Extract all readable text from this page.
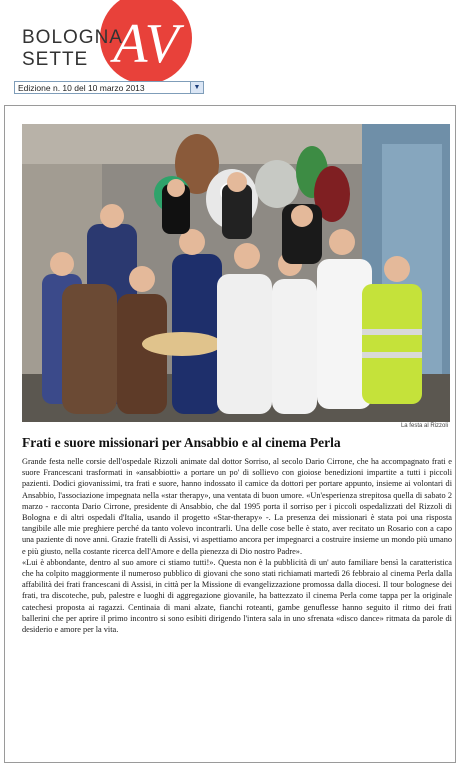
AV
BOLOGNA
SETTE
Edizione n. 10 del 10 marzo 2013	▼
La festa al Rizzoli
Frati e suore missionari per Ansabbio e al cinema Perla

Grande festa nelle corsie dell'ospedale Rizzoli animate dal dottor Sorriso, al secolo Dario Cirrone, che ha accompagnato frati e suore Francescani trasformati in «ansabbiotti» a portare un po' di sollievo con gioiose benedizioni impartite a tutti i piccoli pazienti. Dodici giovanissimi, tra frati e suore, hanno indossato il camice da dottori per portare appunto, insieme ai volontari di Ansabbio, l'associazione impegnata nella «star therapy», una ventata di buon umore. «Un'esperienza strepitosa quella di sabato 2 marzo - racconta Dario Cirrone, presidente di Ansabbio, che dal 1995 porta il sorriso per i piccoli ospedalizzati del Rizzoli di Bologna e di altri ospedali d'Italia, usando il progetto «Star-therapy» -. La presenza dei missionari è stata poi una risposta tangibile alle mie preghiere perché da tanto volevo incontrarli. Una delle cose belle è stato, aver recitato un Rosario con a capo una paziente di nove anni. Grazie fratelli di Assisi, vi aspettiamo ancora per impegnarci a costruire insieme un mondo più umano e più giusto, nella costante ricerca dell'Amore e della pienezza di Dio nostro Padre».

«Lui è abbondante, dentro al suo amore ci stiamo tutti!». Questa non è la pubblicità di un' auto familiare bensì la caratteristica che ha colpito maggiormente il numeroso pubblico di giovani che sono stati richiamati martedì 26 febbraio al cinema Perla dalla affabilità dei frati francescani di Assisi, in città per la Missione di evangelizzazione promossa dalla diocesi. Il tour bolognese dei frati, tra discoteche, pub, palestre e luoghi di aggregazione giovanile, ha battezzato il cinema Perla come tappa per la originale catechesi proposta ai ragazzi. Centinaia di mani alzate, fianchi roteanti, gambe genuflesse hanno seguito il ritmo dei frati ballerini che per aprire il primo incontro si sono esibiti dirigendo l'intera sala in uno sfrenata «disco dance» ritmata da parole di desiderio e amore per la vita.
